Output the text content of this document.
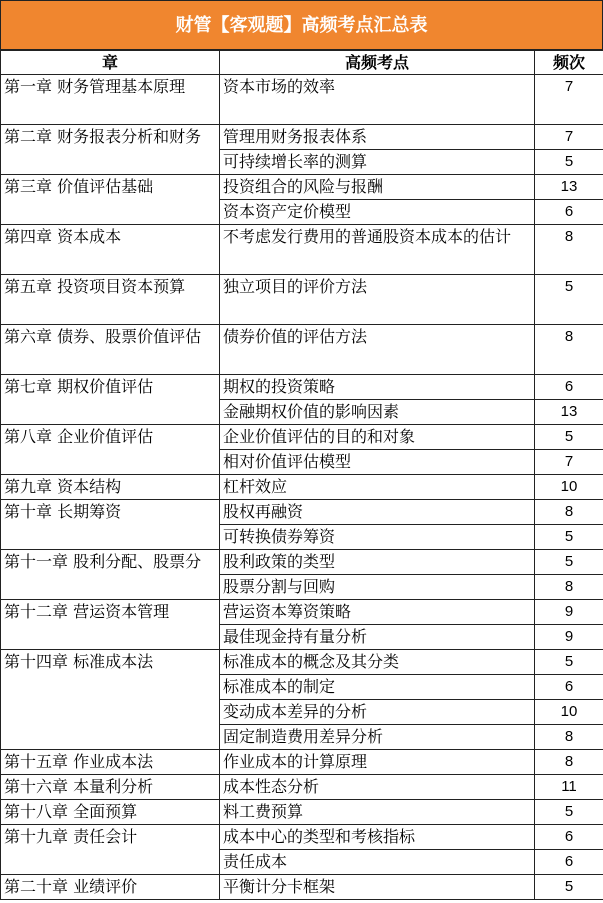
财管【客观题】高频考点汇总表
章	高频考点	频次
第一章 财务管理基本原理	资本市场的效率	7
第二章 财务报表分析和财务	管理用财务报表体系	7
	可持续增长率的测算	5
第三章 价值评估基础	投资组合的风险与报酬	13
	资本资产定价模型	6
第四章 资本成本	不考虑发行费用的普通股资本成本的估计	8
第五章 投资项目资本预算	独立项目的评价方法	5
第六章 债券、股票价值评估	债券价值的评估方法	8
第七章 期权价值评估	期权的投资策略	6
	金融期权价值的影响因素	13
第八章 企业价值评估	企业价值评估的目的和对象	5
	相对价值评估模型	7
第九章 资本结构	杠杆效应	10
第十章 长期筹资	股权再融资	8
	可转换债券筹资	5
第十一章 股利分配、股票分	股利政策的类型	5
	股票分割与回购	8
第十二章 营运资本管理	营运资本筹资策略	9
	最佳现金持有量分析	9
第十四章 标准成本法	标准成本的概念及其分类	5
	标准成本的制定	6
	变动成本差异的分析	10
	固定制造费用差异分析	8
第十五章 作业成本法	作业成本的计算原理	8
第十六章 本量利分析	成本性态分析	11
第十八章 全面预算	料工费预算	5
第十九章 责任会计	成本中心的类型和考核指标	6
	责任成本	6
第二十章 业绩评价	平衡计分卡框架	5
